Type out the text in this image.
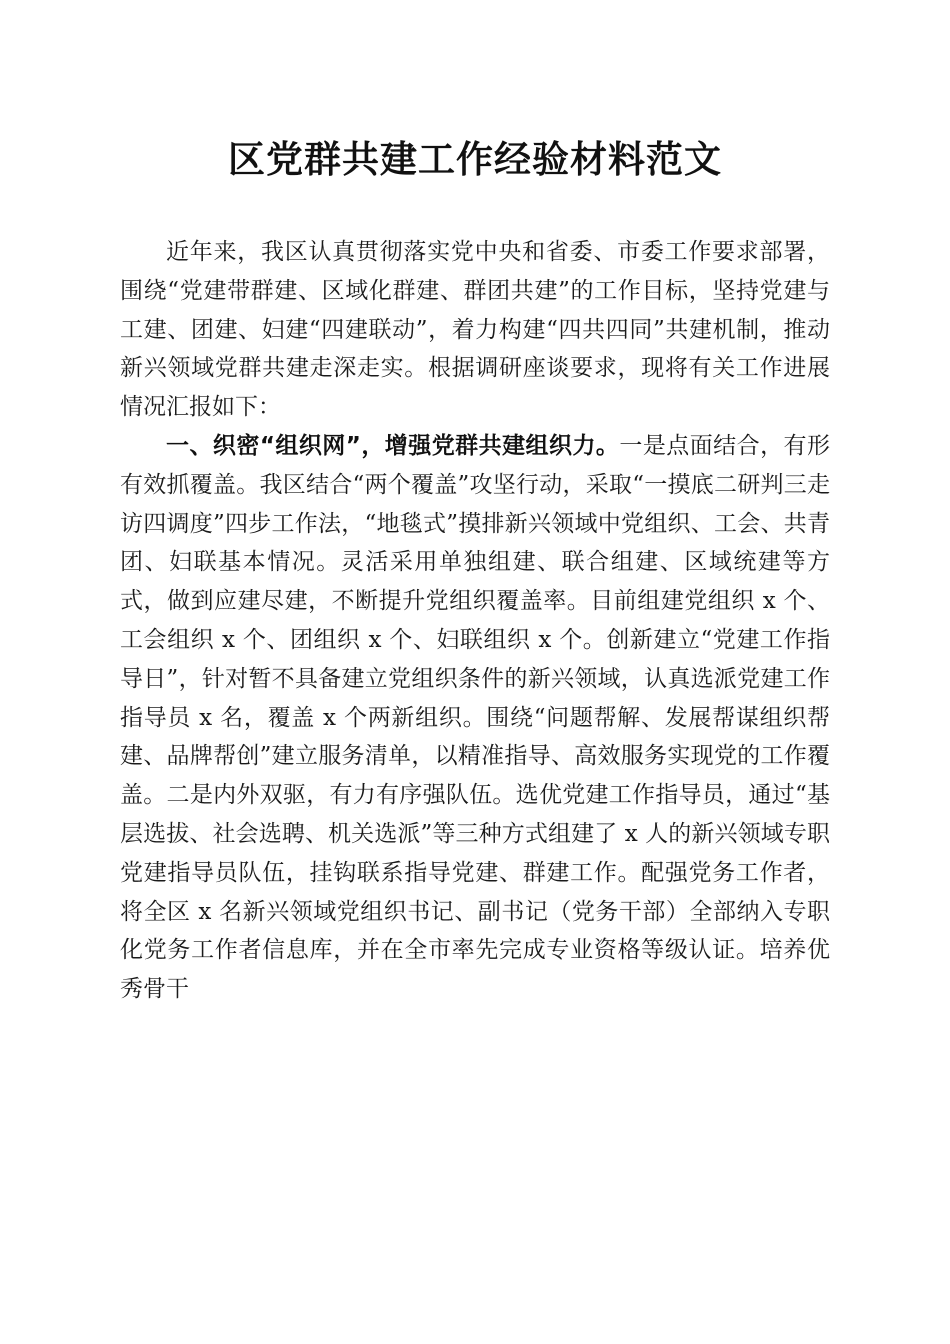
区党群共建工作经验材料范文

近年来，我区认真贯彻落实党中央和省委、市委工作要求部署，围绕“党建带群建、区域化群建、群团共建”的工作目标，坚持党建与工建、团建、妇建“四建联动”，着力构建“四共四同”共建机制，推动新兴领域党群共建走深走实。根据调研座谈要求，现将有关工作进展情况汇报如下：

一、织密“组织网”，增强党群共建组织力。一是点面结合，有形有效抓覆盖。我区结合“两个覆盖”攻坚行动，采取“一摸底二研判三走访四调度”四步工作法，“地毯式”摸排新兴领域中党组织、工会、共青团、妇联基本情况。灵活采用单独组建、联合组建、区域统建等方式，做到应建尽建，不断提升党组织覆盖率。目前组建党组织 x 个、工会组织 x 个、团组织 x 个、妇联组织 x 个。创新建立“党建工作指导日”，针对暂不具备建立党组织条件的新兴领域，认真选派党建工作指导员 x 名，覆盖 x 个两新组织。围绕“问题帮解、发展帮谋组织帮建、品牌帮创”建立服务清单，以精准指导、高效服务实现党的工作覆盖。二是内外双驱，有力有序强队伍。选优党建工作指导员，通过“基层选拔、社会选聘、机关选派”等三种方式组建了 x 人的新兴领域专职党建指导员队伍，挂钩联系指导党建、群建工作。配强党务工作者，将全区 x 名新兴领域党组织书记、副书记（党务干部）全部纳入专职化党务工作者信息库，并在全市率先完成专业资格等级认证。培养优秀骨干
